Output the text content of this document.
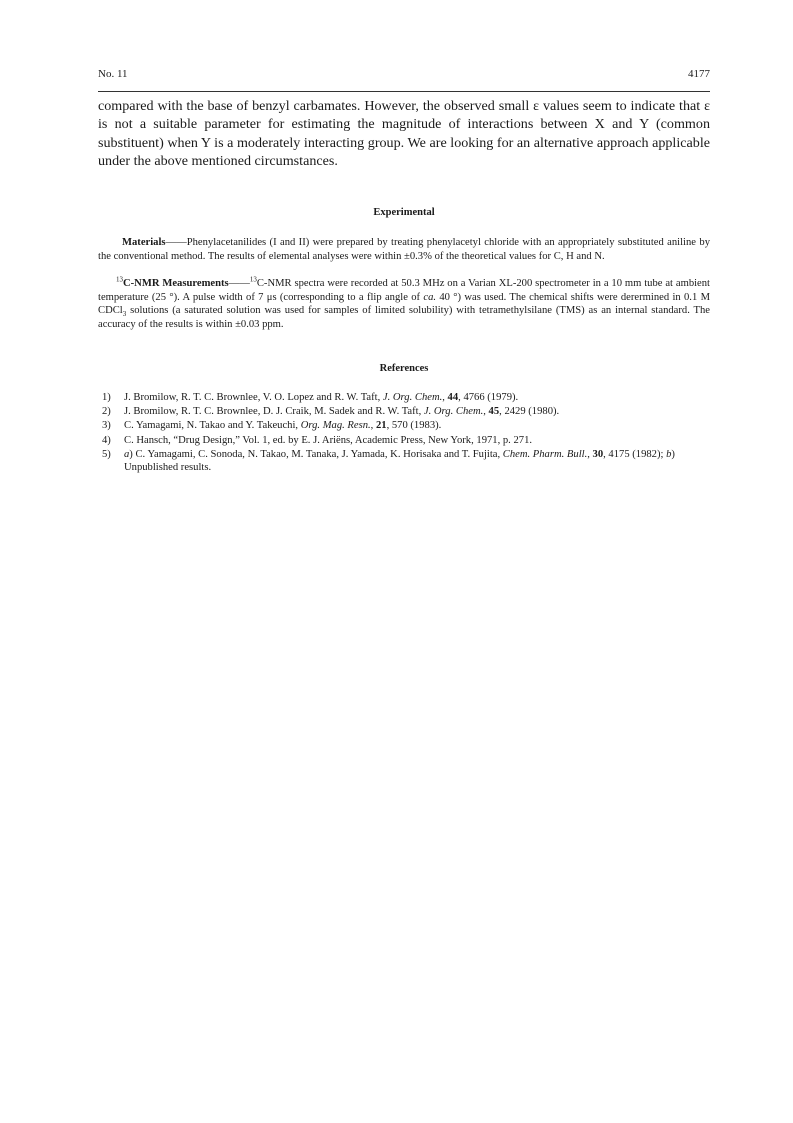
No. 11	4177

compared with the base of benzyl carbamates. However, the observed small ε values seem to indicate that ε is not a suitable parameter for estimating the magnitude of interactions between X and Y (common substituent) when Y is a moderately interacting group. We are looking for an alternative approach applicable under the above mentioned circumstances.

Experimental

Materials——Phenylacetanilides (I and II) were prepared by treating phenylacetyl chloride with an appropriately substituted aniline by the conventional method. The results of elemental analyses were within ±0.3% of the theoretical values for C, H and N.

$^{13}$C-NMR Measurements——$^{13}$C-NMR spectra were recorded at 50.3 MHz on a Varian XL-200 spectrometer in a 10 mm tube at ambient temperature (25 °). A pulse width of 7 μs (corresponding to a flip angle of ca. 40 °) was used. The chemical shifts were derermined in 0.1 M CDCl$_3$ solutions (a saturated solution was used for samples of limited solubility) with tetramethylsilane (TMS) as an internal standard. The accuracy of the results is within ±0.03 ppm.

References
1) J. Bromilow, R. T. C. Brownlee, V. O. Lopez and R. W. Taft, J. Org. Chem., 44, 4766 (1979).
2) J. Bromilow, R. T. C. Brownlee, D. J. Craik, M. Sadek and R. W. Taft, J. Org. Chem., 45, 2429 (1980).
3) C. Yamagami, N. Takao and Y. Takeuchi, Org. Mag. Resn., 21, 570 (1983).
4) C. Hansch, “Drug Design,” Vol. 1, ed. by E. J. Ariëns, Academic Press, New York, 1971, p. 271.
5) a) C. Yamagami, C. Sonoda, N. Takao, M. Tanaka, J. Yamada, K. Horisaka and T. Fujita, Chem. Pharm. Bull., 30, 4175 (1982); b) Unpublished results.
